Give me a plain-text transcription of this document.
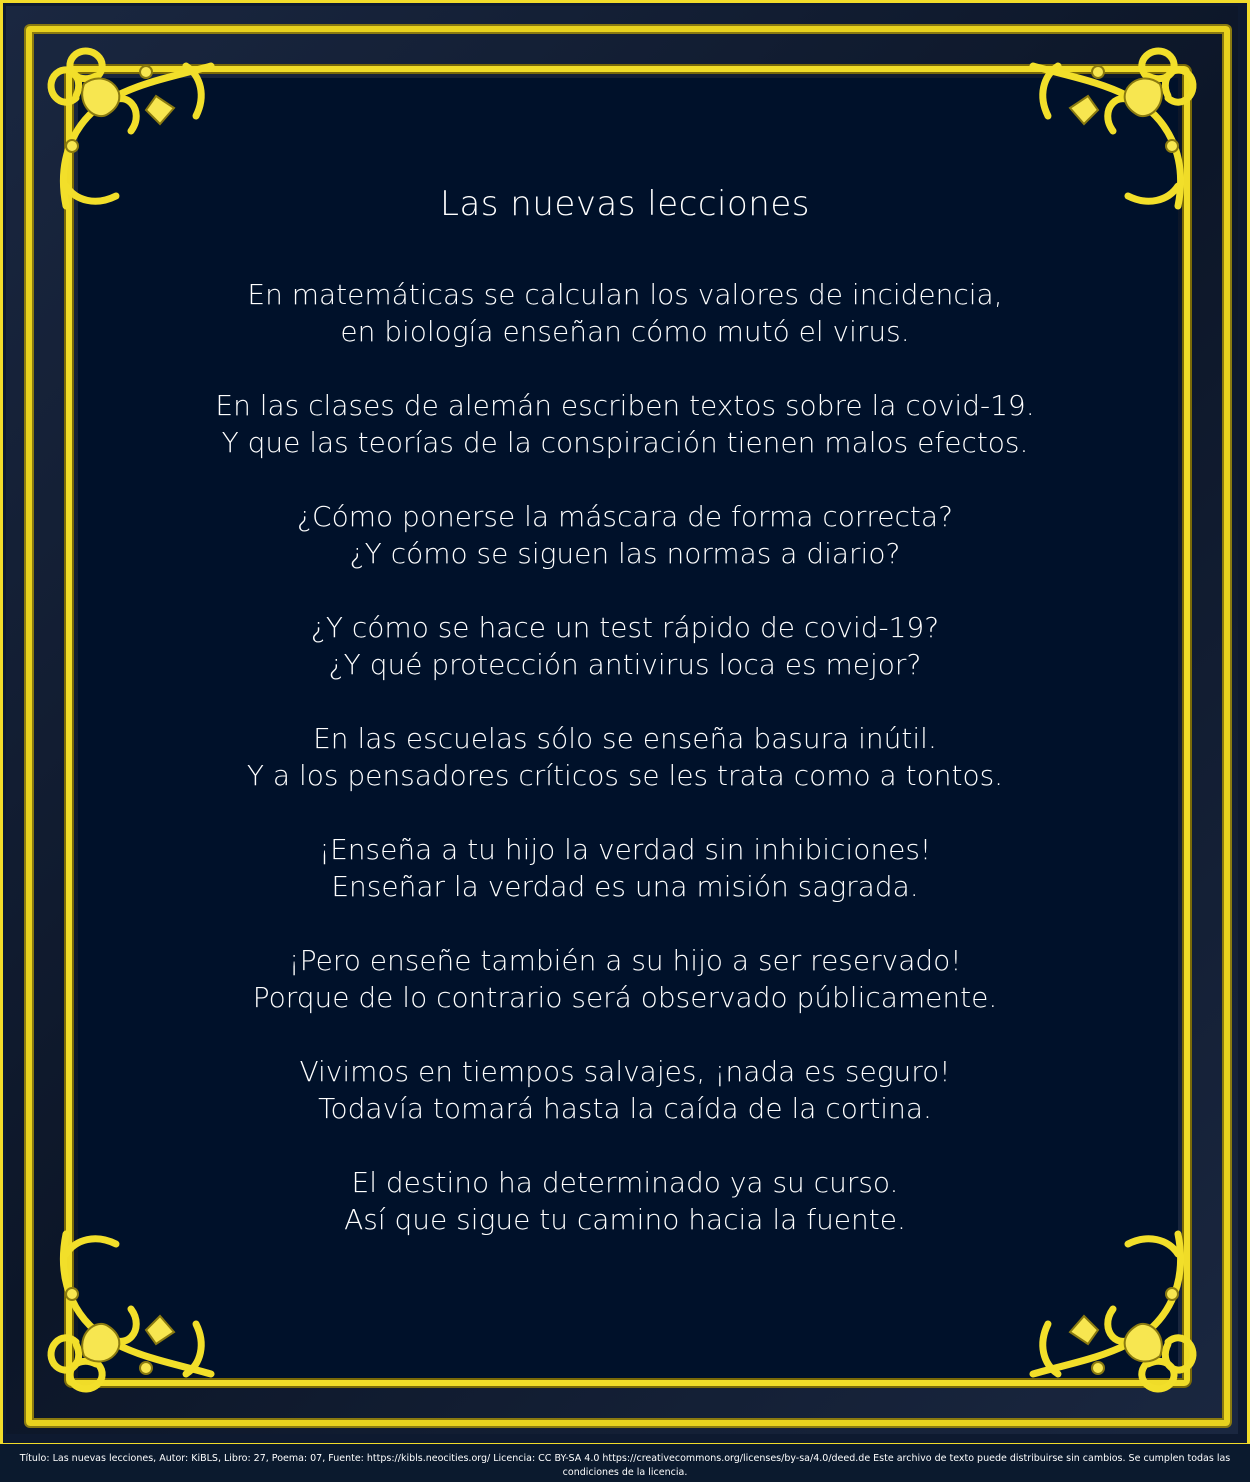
Las nuevas lecciones
En matemáticas se calculan los valores de incidencia,
en biología enseñan cómo mutó el virus.
En las clases de alemán escriben textos sobre la covid-19.
Y que las teorías de la conspiración tienen malos efectos.
¿Cómo ponerse la máscara de forma correcta?
¿Y cómo se siguen las normas a diario?
¿Y cómo se hace un test rápido de covid-19?
¿Y qué protección antivirus loca es mejor?
En las escuelas sólo se enseña basura inútil.
Y a los pensadores críticos se les trata como a tontos.
¡Enseña a tu hijo la verdad sin inhibiciones!
Enseñar la verdad es una misión sagrada.
¡Pero enseñe también a su hijo a ser reservado!
Porque de lo contrario será observado públicamente.
Vivimos en tiempos salvajes, ¡nada es seguro!
Todavía tomará hasta la caída de la cortina.
El destino ha determinado ya su curso.
Así que sigue tu camino hacia la fuente.
Título: Las nuevas lecciones, Autor: KiBLS, Libro: 27, Poema: 07, Fuente: https://kibls.neocities.org/ Licencia: CC BY-SA 4.0 https://creativecommons.org/licenses/by-sa/4.0/deed.de Este archivo de texto puede distribuirse sin cambios. Se cumplen todas las condiciones de la licencia.
